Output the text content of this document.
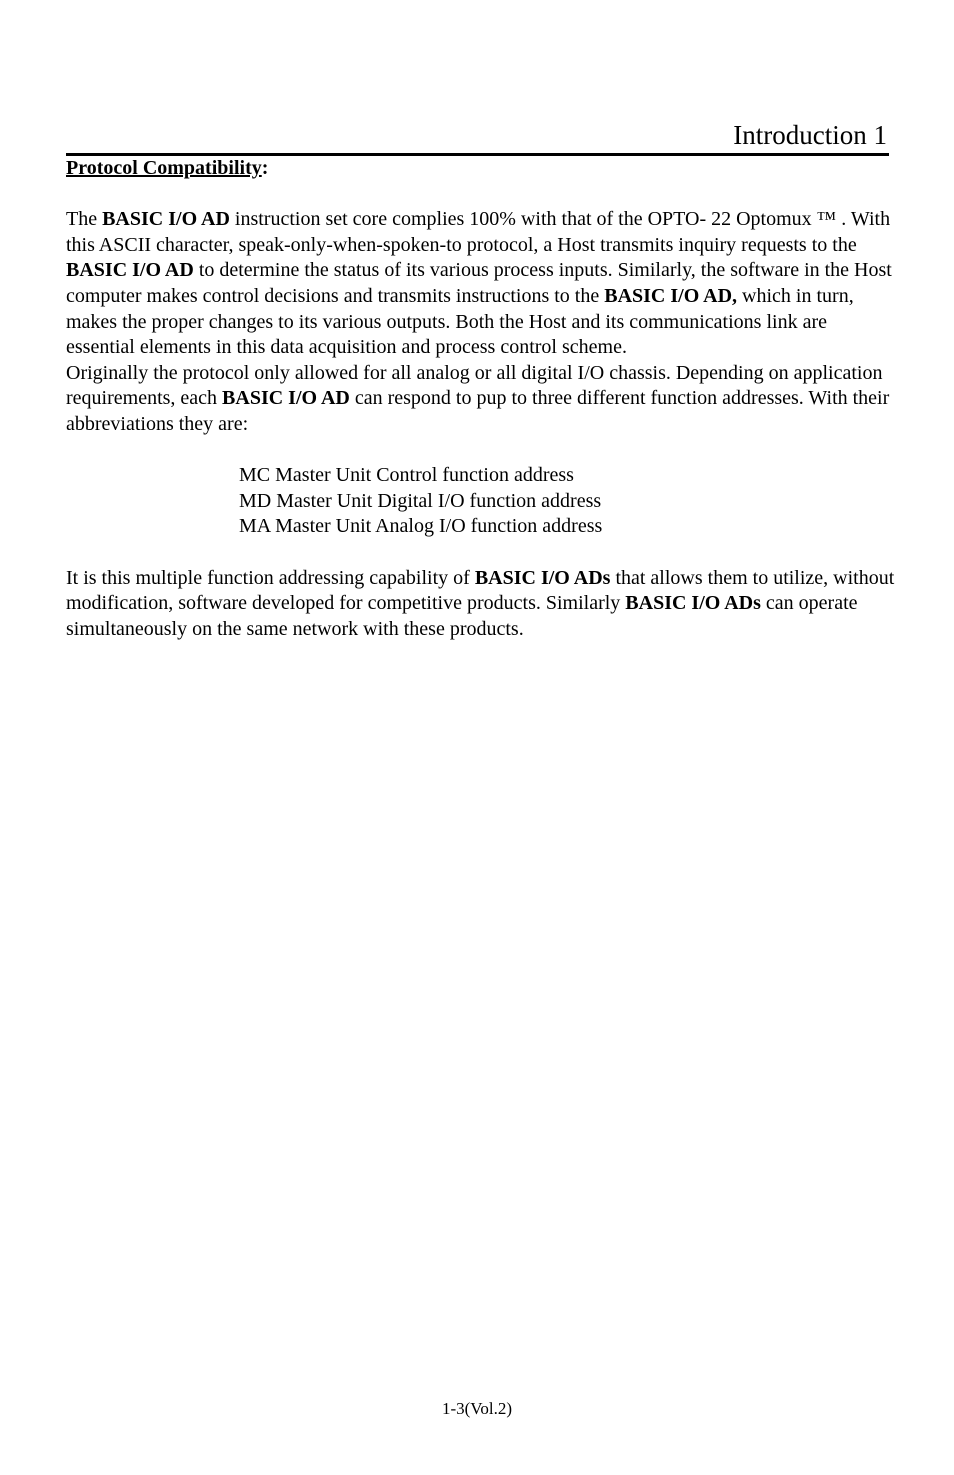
Introduction 1

Protocol Compatibility:

The BASIC I/O AD instruction set core complies 100% with that of the OPTO- 22 Optomux ™ . With this ASCII character, speak-only-when-spoken-to protocol, a Host transmits inquiry requests to the BASIC I/O AD to determine the status of its various process inputs. Similarly, the software in the Host computer makes control decisions and transmits instructions to the BASIC I/O AD, which in turn, makes the proper changes to its various outputs. Both the Host and its communications link are essential elements in this data acquisition and process control scheme.

Originally the protocol only allowed for all analog or all digital I/O chassis. Depending on application requirements, each BASIC I/O AD can respond to pup to three different function addresses. With their abbreviations they are:

MC Master Unit Control function address
MD Master Unit Digital I/O function address
MA Master Unit Analog I/O function address

It is this multiple function addressing capability of BASIC I/O ADs that allows them to utilize, without modification, software developed for competitive products. Similarly BASIC I/O ADs can operate simultaneously on the same network with these products.

1-3(Vol.2)
